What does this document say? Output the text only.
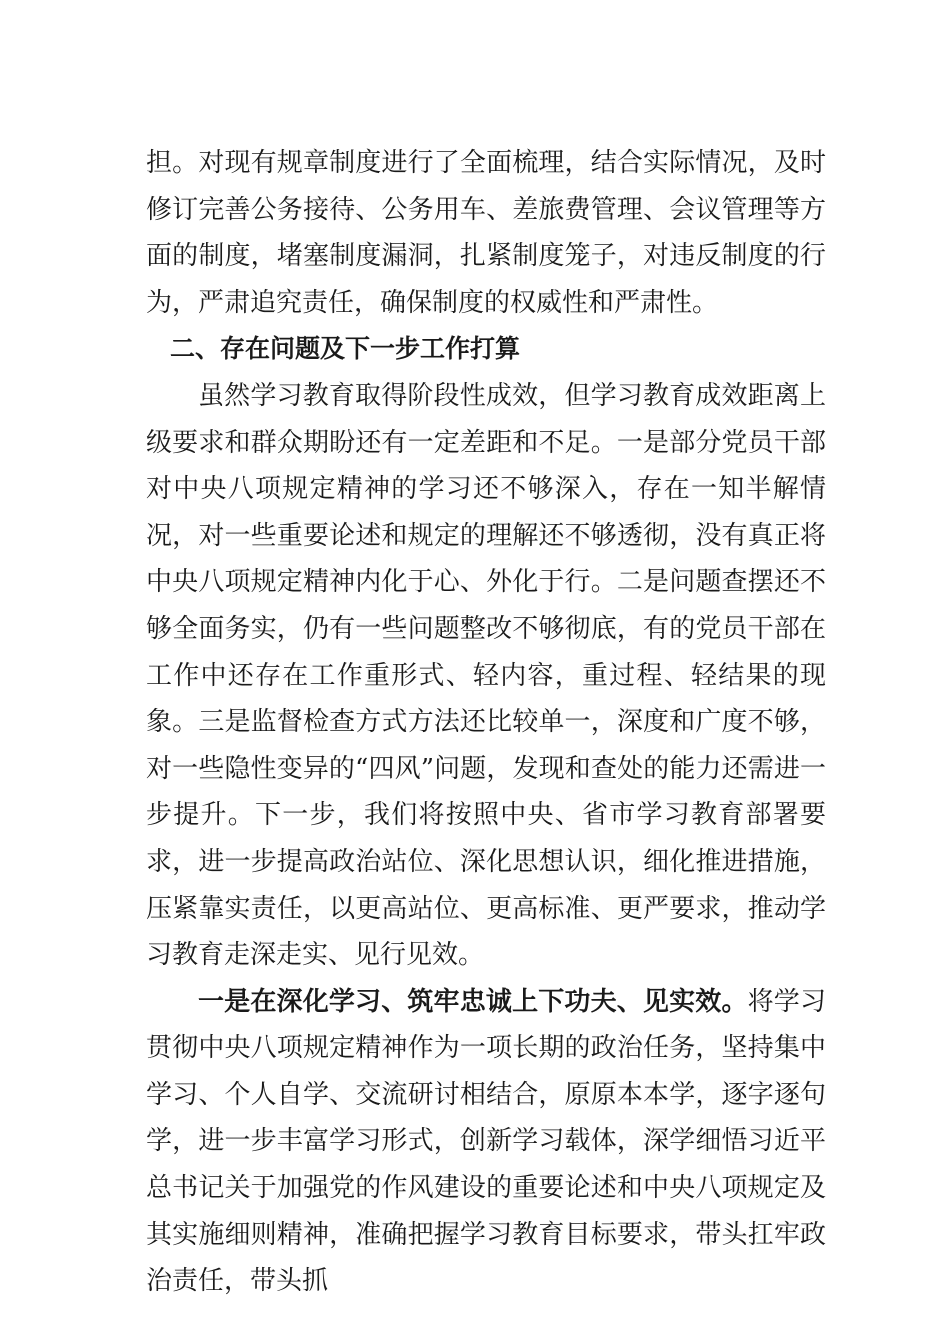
担。对现有规章制度进行了全面梳理，结合实际情况，及时修订完善公务接待、公务用车、差旅费管理、会议管理等方面的制度，堵塞制度漏洞，扎紧制度笼子，对违反制度的行为，严肃追究责任，确保制度的权威性和严肃性。

二、存在问题及下一步工作打算

虽然学习教育取得阶段性成效，但学习教育成效距离上级要求和群众期盼还有一定差距和不足。一是部分党员干部对中央八项规定精神的学习还不够深入，存在一知半解情况，对一些重要论述和规定的理解还不够透彻，没有真正将中央八项规定精神内化于心、外化于行。二是问题查摆还不够全面务实，仍有一些问题整改不够彻底，有的党员干部在工作中还存在工作重形式、轻内容，重过程、轻结果的现象。三是监督检查方式方法还比较单一，深度和广度不够，对一些隐性变异的“四风”问题，发现和查处的能力还需进一步提升。下一步，我们将按照中央、省市学习教育部署要求，进一步提高政治站位、深化思想认识，细化推进措施，压紧靠实责任，以更高站位、更高标准、更严要求，推动学习教育走深走实、见行见效。

一是在深化学习、筑牢忠诚上下功夫、见实效。将学习贯彻中央八项规定精神作为一项长期的政治任务，坚持集中学习、个人自学、交流研讨相结合，原原本本学，逐字逐句学，进一步丰富学习形式，创新学习载体，深学细悟习近平总书记关于加强党的作风建设的重要论述和中央八项规定及其实施细则精神，准确把握学习教育目标要求，带头扛牢政治责任，带头抓
